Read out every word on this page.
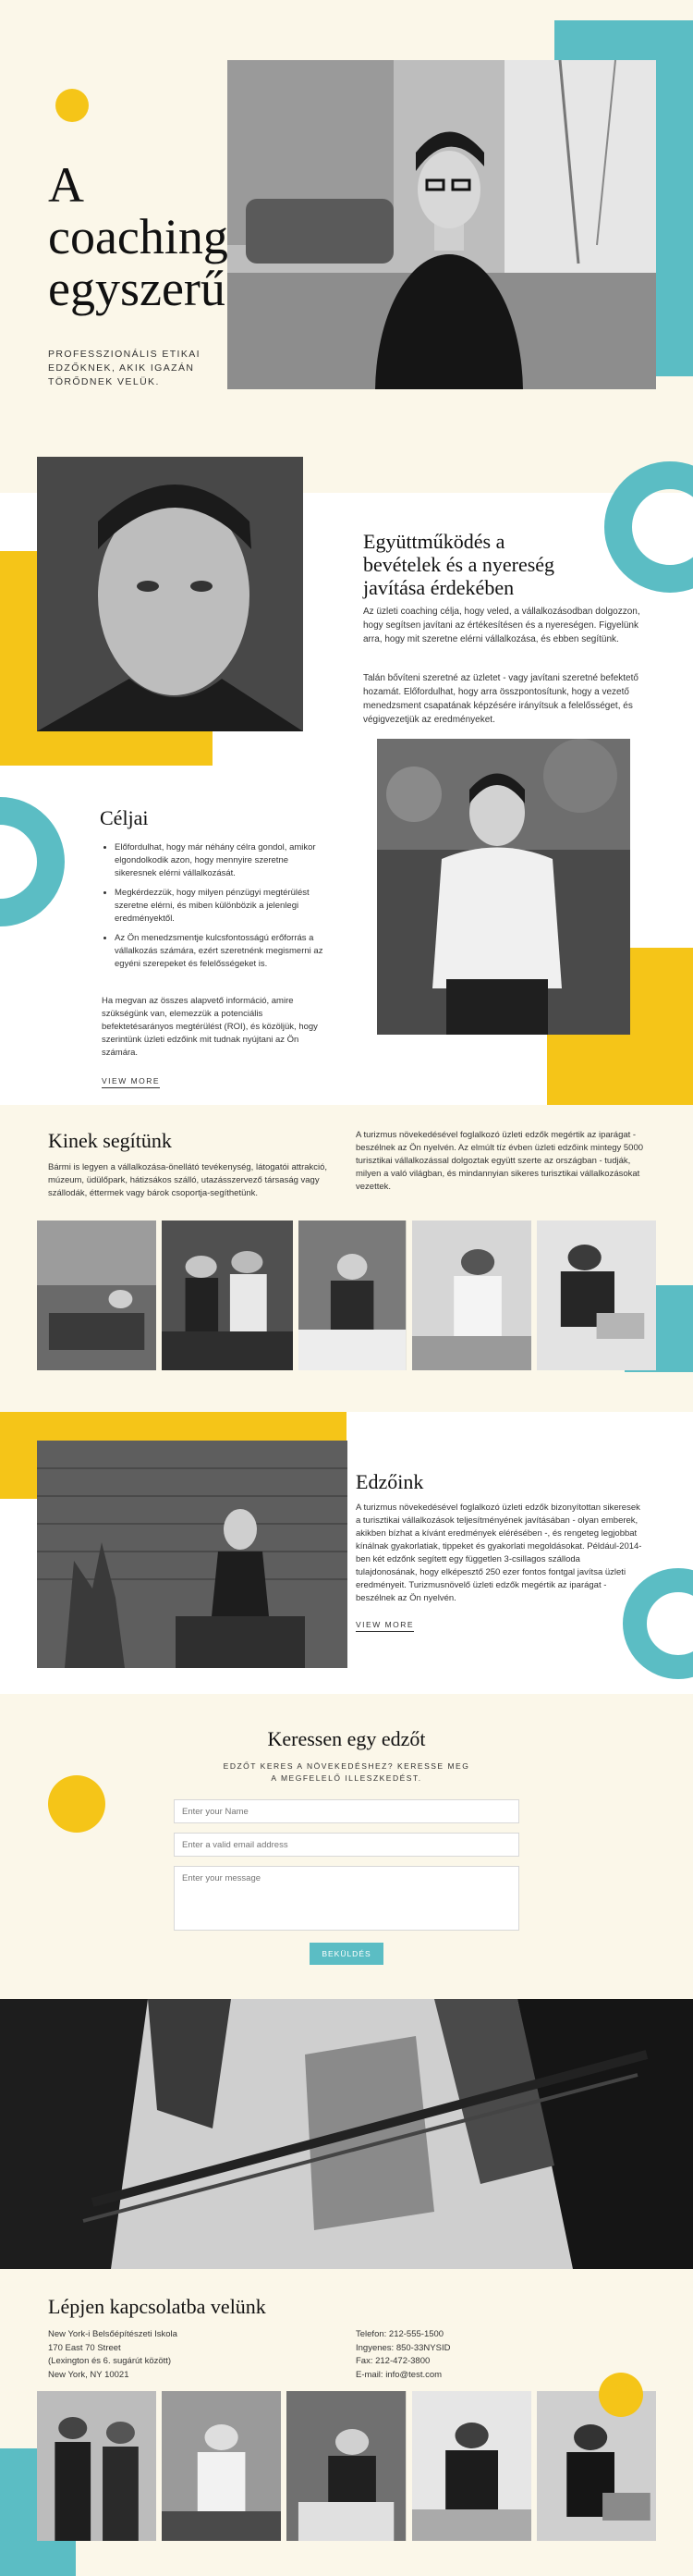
A
coaching
egyszerű
PROFESSZIONÁLIS ETIKAI EDZŐKNEK, AKIK IGAZÁN TÖRŐDNEK VELÜK.
Együttműködés a bevételek és a nyereség javítása érdekében
Az üzleti coaching célja, hogy veled, a vállalkozásodban dolgozzon, hogy segítsen javítani az értékesítésen és a nyereségen. Figyelünk arra, hogy mit szeretne elérni vállalkozása, és ebben segítünk.
Talán bővíteni szeretné az üzletet - vagy javítani szeretné befektető hozamát. Előfordulhat, hogy arra összpontosítunk, hogy a vezető menedzsment csapatának képzésére irányítsuk a felelősséget, és végigvezetjük az eredményeket.
Céljai
• Előfordulhat, hogy már néhány célra gondol, amikor elgondolkodik azon, hogy mennyire szeretne sikeresnek elérni vállalkozását.
• Megkérdezzük, hogy milyen pénzügyi megtérülést szeretne elérni, és miben különbözik a jelenlegi eredményektől.
• Az Ön menedzsmentje kulcsfontosságú erőforrás a vállalkozás számára, ezért szeretnénk megismerni az egyéni szerepeket és felelősségeket is.
Ha megvan az összes alapvető információ, amire szükségünk van, elemezzük a potenciális befektetésarányos megtérülést (ROI), és közöljük, hogy szerintünk üzleti edzőink mit tudnak nyújtani az Ön számára.
VIEW MORE
Kinek segítünk
Bármi is legyen a vállalkozása-önellátó tevékenység, látogatói attrakció, múzeum, üdülőpark, hátizsákos szálló, utazásszervező társaság vagy szállodák, éttermek vagy bárok csoportja-segíthetünk.
A turizmus növekedésével foglalkozó üzleti edzők megértik az iparágat - beszélnek az Ön nyelvén. Az elmúlt tíz évben üzleti edzőink mintegy 5000 turisztikai vállalkozással dolgoztak együtt szerte az országban - tudják, milyen a való világban, és mindannyian sikeres turisztikai vállalkozásokat vezettek.
Edzőink
A turizmus növekedésével foglalkozó üzleti edzők bizonyítottan sikeresek a turisztikai vállalkozások teljesítményének javításában - olyan emberek, akikben bízhat a kívánt eredmények elérésében -, és rengeteg legjobbat kínálnak gyakorlatiak, tippeket és gyakorlati megoldásokat. Például-2014-ben két edzőnk segített egy független 3-csillagos szálloda tulajdonosának, hogy elképesztő 250 ezer fontos fontgal javítsa üzleti eredményeit. Turizmusnövelő üzleti edzők megértik az iparágat - beszélnek az Ön nyelvén.
VIEW MORE
Keressen egy edzőt
EDZŐT KERES A NÖVEKEDÉSHEZ? KERESSE MEG A MEGFELELŐ ILLESZKEDÉST.
Enter your Name
Enter a valid email address
Enter your message
BEKÜLDÉS
Lépjen kapcsolatba velünk
New York-i Belsőépítészeti Iskola
170 East 70 Street
(Lexington és 6. sugárút között)
New York, NY 10021
Telefon: 212-555-1500
Ingyenes: 850-33NYSID
Fax: 212-472-3800
E-mail: info@test.com
